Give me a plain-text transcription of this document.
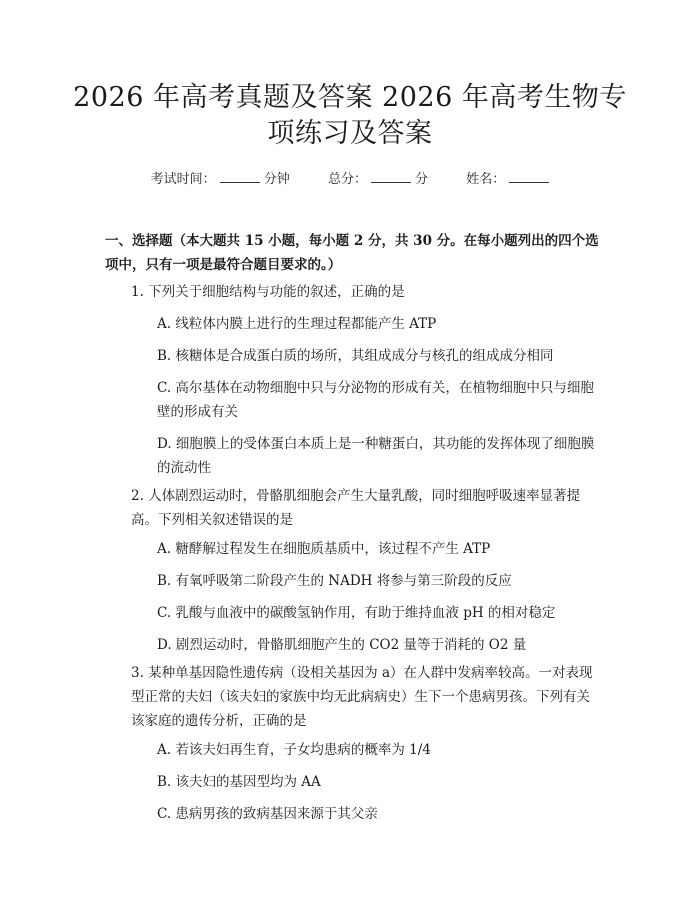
2026 年高考真题及答案 2026 年高考生物专
项练习及答案
考试时间：	分钟	总分：	分	姓名：
一、选择题（本大题共 15 小题，每小题 2 分，共 30 分。在每小题列出的四个选项中，只有一项是最符合题目要求的。）
1. 下列关于细胞结构与功能的叙述，正确的是
A. 线粒体内膜上进行的生理过程都能产生 ATP
B. 核糖体是合成蛋白质的场所，其组成成分与核孔的组成成分相同
C. 高尔基体在动物细胞中只与分泌物的形成有关，在植物细胞中只与细胞壁的形成有关
D. 细胞膜上的受体蛋白本质上是一种糖蛋白，其功能的发挥体现了细胞膜的流动性
2. 人体剧烈运动时，骨骼肌细胞会产生大量乳酸，同时细胞呼吸速率显著提高。下列相关叙述错误的是
A. 糖酵解过程发生在细胞质基质中，该过程不产生 ATP
B. 有氧呼吸第二阶段产生的 NADH 将参与第三阶段的反应
C. 乳酸与血液中的碳酸氢钠作用，有助于维持血液 pH 的相对稳定
D. 剧烈运动时，骨骼肌细胞产生的 CO2 量等于消耗的 O2 量
3. 某种单基因隐性遗传病（设相关基因为 a）在人群中发病率较高。一对表现型正常的夫妇（该夫妇的家族中均无此病病史）生下一个患病男孩。下列有关该家庭的遗传分析，正确的是
A. 若该夫妇再生育，子女均患病的概率为 1/4
B. 该夫妇的基因型均为 AA
C. 患病男孩的致病基因来源于其父亲
